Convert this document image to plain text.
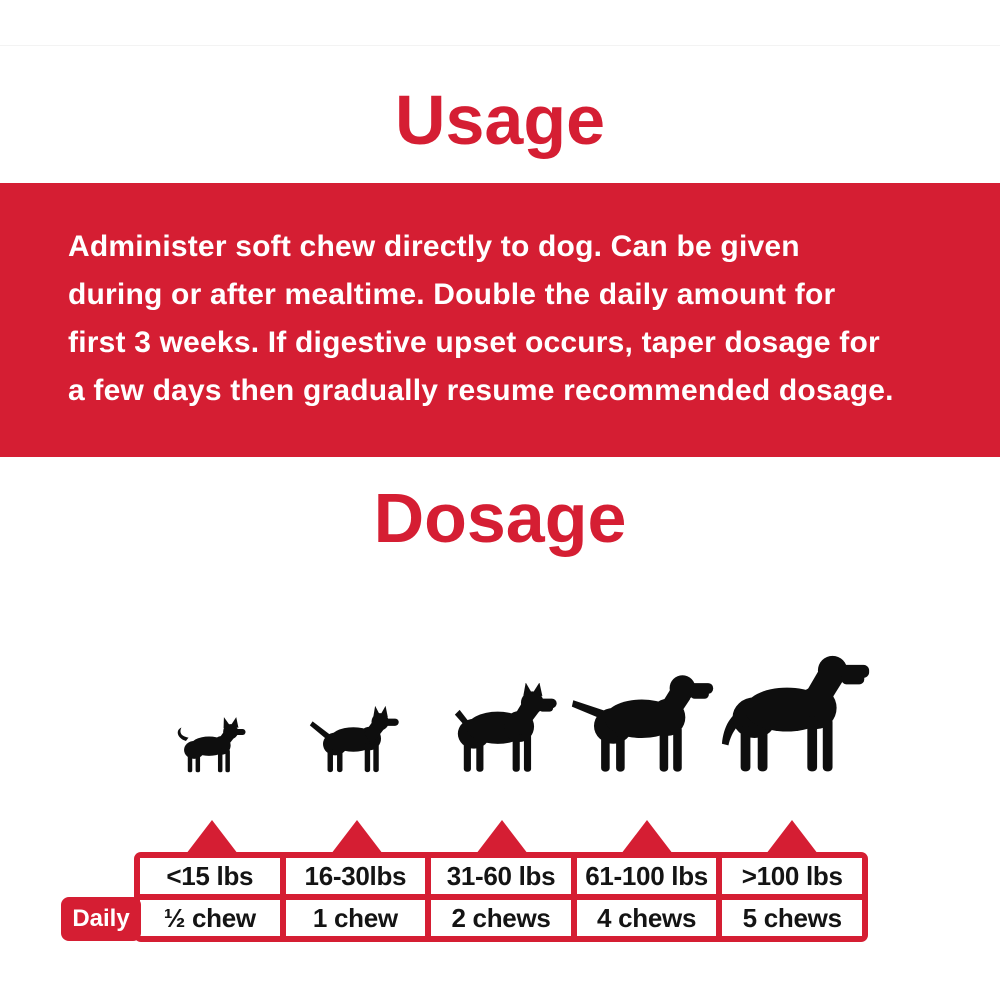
Usage
Administer soft chew directly to dog. Can be given
during or after mealtime. Double the daily amount for
first 3 weeks. If digestive upset occurs, taper dosage for
a few days then gradually resume recommended dosage.
Dosage
<15 lbs	16-30lbs	31-60 lbs	61-100 lbs	>100 lbs
½ chew	1 chew	2 chews	4 chews	5 chews
Daily
